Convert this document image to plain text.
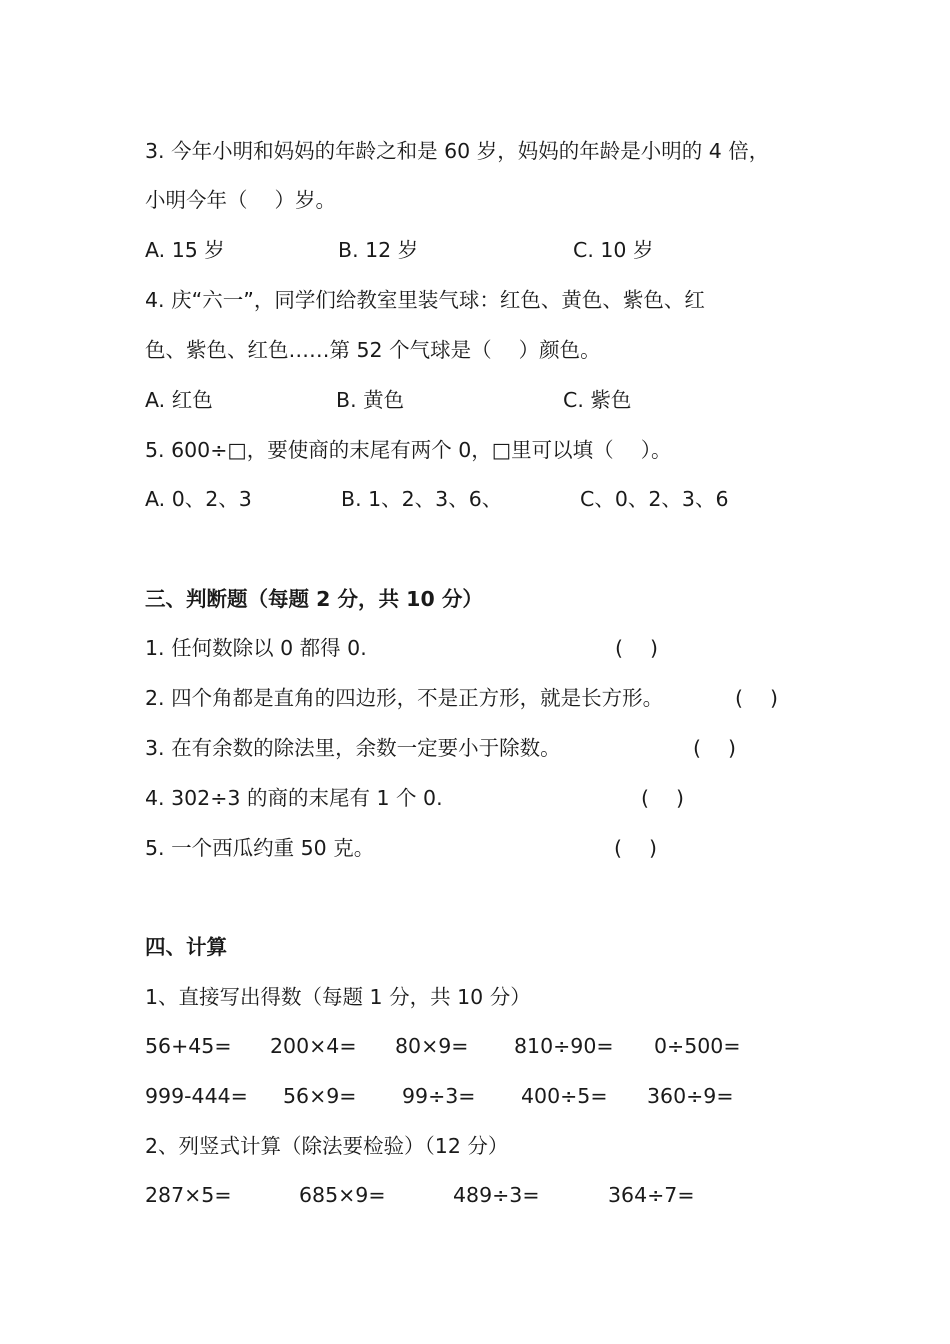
3. 今年小明和妈妈的年龄之和是 60 岁，妈妈的年龄是小明的 4 倍，
小明今年（　 ）岁。
A. 15 岁	B. 12 岁	C. 10 岁
4. 庆“六一”，同学们给教室里装气球：红色、黄色、紫色、红
色、紫色、红色……第 52 个气球是（　 ）颜色。
A. 红色	B. 黄色	C. 紫色
5. 600÷□，要使商的末尾有两个 0，□里可以填（　 ）。
A. 0、2、3	B. 1、2、3、6、	C、0、2、3、6
三、判断题（每题 2 分，共 10 分）
1. 任何数除以 0 都得 0.	(　 )
2. 四个角都是直角的四边形，不是正方形，就是长方形。	(　 )
3. 在有余数的除法里，余数一定要小于除数。	(　 )
4. 302÷3 的商的末尾有 1 个 0.	(　 )
5. 一个西瓜约重 50 克。	(　 )
四、计算
1、直接写出得数（每题 1 分，共 10 分）
56+45= 200×4= 80×9= 810÷90= 0÷500=
999-444= 56×9= 99÷3= 400÷5= 360÷9=
2、列竖式计算（除法要检验）（12 分）
287×5=	685×9=	489÷3=	364÷7=
